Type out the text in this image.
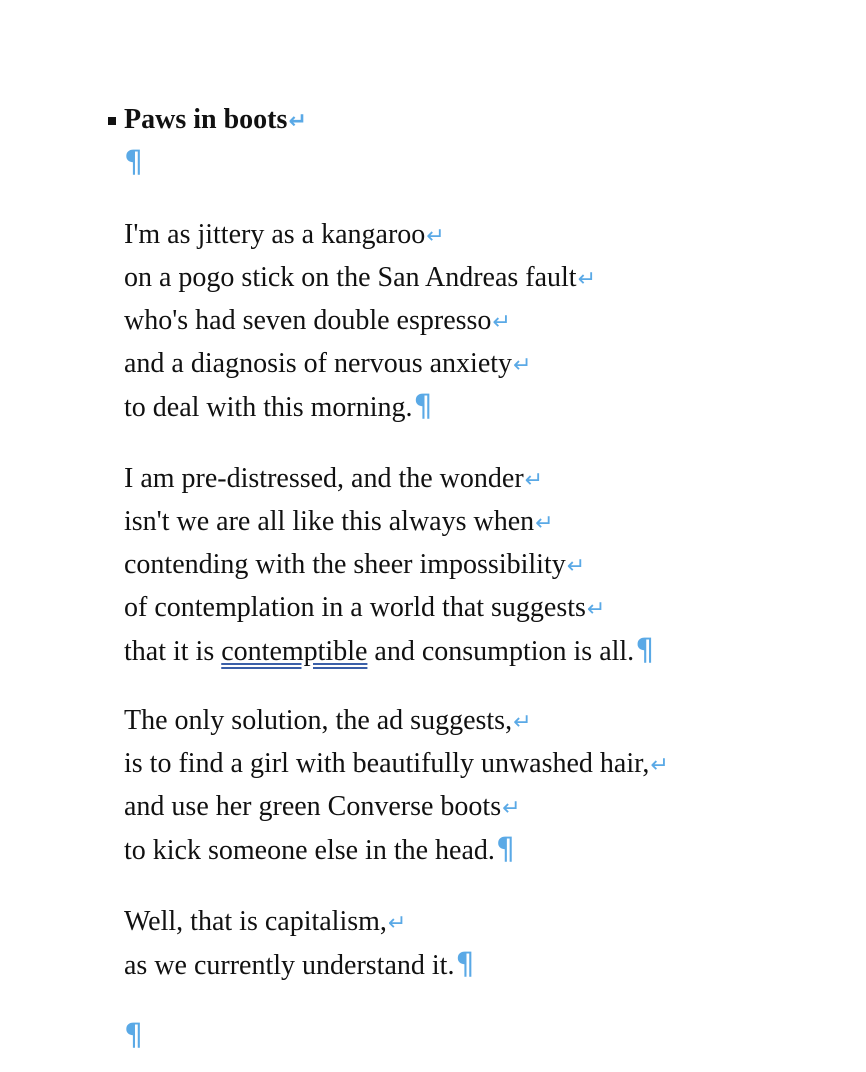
Paws in boots↵
¶
I'm as jittery as a kangaroo↵
on a pogo stick on the San Andreas fault↵
who's had seven double espresso↵
and a diagnosis of nervous anxiety↵
to deal with this morning.¶
I am pre-distressed, and the wonder↵
isn't we are all like this always when↵
contending with the sheer impossibility↵
of contemplation in a world that suggests↵
that it is contemptible and consumption is all.¶
The only solution, the ad suggests,↵
is to find a girl with beautifully unwashed hair,↵
and use her green Converse boots↵
to kick someone else in the head.¶
Well, that is capitalism,↵
as we currently understand it.¶
¶
